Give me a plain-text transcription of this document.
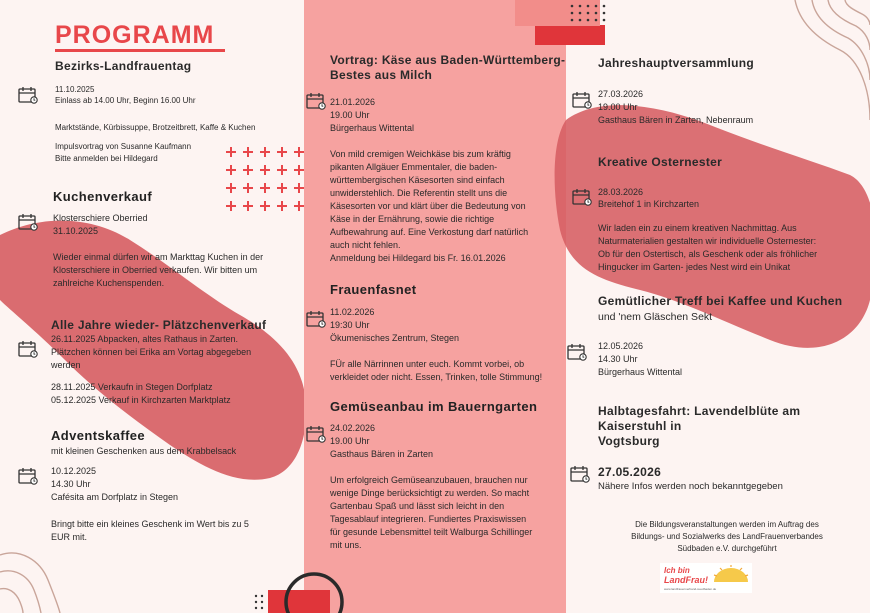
PROGRAMM
Bezirks-Landfrauentag
11.10.2025
Einlass ab 14.00 Uhr, Beginn 16.00 Uhr
Marktstände, Kürbissuppe, Brotzeitbrett, Kaffe & Kuchen
Impulsvortrag von Susanne Kaufmann
Bitte anmelden bei Hildegard
Kuchenverkauf
Klosterschiere Oberried
31.10.2025
Wieder einmal dürfen wir am Markttag Kuchen in der
Klosterschiere in Oberried verkaufen. Wir bitten um
zahlreiche Kuchenspenden.
Alle Jahre wieder- Plätzchenverkauf
26.11.2025 Abpacken, altes Rathaus in Zarten.
Plätzchen können bei Erika am Vortag abgegeben
werden
28.11.2025 Verkaufn in Stegen Dorfplatz
05.12.2025 Verkauf in Kirchzarten Marktplatz
Adventskaffee
mit kleinen Geschenken aus dem Krabbelsack
10.12.2025
14.30 Uhr
Cafésita am Dorfplatz in Stegen
Bringt bitte ein kleines Geschenk im Wert bis zu 5
EUR mit.
Vortrag: Käse aus Baden-Württemberg-
Bestes aus Milch
21.01.2026
19.00 Uhr
Bürgerhaus Wittental
Von mild cremigen Weichkäse bis zum kräftig
pikanten Allgäuer Emmentaler, die baden-
württembergischen Käsesorten sind einfach
unwiderstehlich. Die Referentin stellt uns die
Käsesorten vor und klärt über die Bedeutung von
Käse in der Ernährung, sowie die richtige
Aufbewahrung auf. Eine Verkostung darf natürlich
auch nicht fehlen.
Anmeldung bei Hildegard bis Fr. 16.01.2026
Frauenfasnet
11.02.2026
19:30 Uhr
Ökumenisches Zentrum, Stegen
FÜr alle Närrinnen unter euch. Kommt vorbei, ob
verkleidet oder nicht. Essen, Trinken, tolle Stimmung!
Gemüseanbau im Bauerngarten
24.02.2026
19.00 Uhr
Gasthaus Bären in Zarten
Um erfolgreich Gemüseanzubauen, brauchen nur
wenige Dinge berücksichtigt zu werden. So macht
Gartenbau Spaß und lässt sich leicht in den
Tagesablauf integrieren. Fundiertes Praxiswissen
für gesunde Lebensmittel teilt Walburga Schillinger
mit uns.
Jahreshauptversammlung
27.03.2026
19.00 Uhr
Gasthaus Bären in Zarten, Nebenraum
Kreative Osternester
28.03.2026
Breitehof 1 in Kirchzarten
Wir laden ein zu einem kreativen Nachmittag. Aus
Naturmaterialien gestalten wir individuelle Osternester:
Ob für den Ostertisch, als Geschenk oder als fröhlicher
Hingucker im Garten- jedes Nest wird ein Unikat
Gemütlicher Treff bei Kaffee und Kuchen
und 'nem Gläschen Sekt
12.05.2026
14.30 Uhr
Bürgerhaus Wittental
Halbtagesfahrt: Lavendelblüte am
Kaiserstuhl in
Vogtsburg
27.05.2026
Nähere Infos werden noch bekanntgegeben
Die Bildungsveranstaltungen werden im Auftrag des
Bildungs- und Sozialwerks des LandFrauenverbandes
Südbaden e.V. durchgeführt
Ich bin
LandFrau!
www.landfrauenverband-suedbaden.de
